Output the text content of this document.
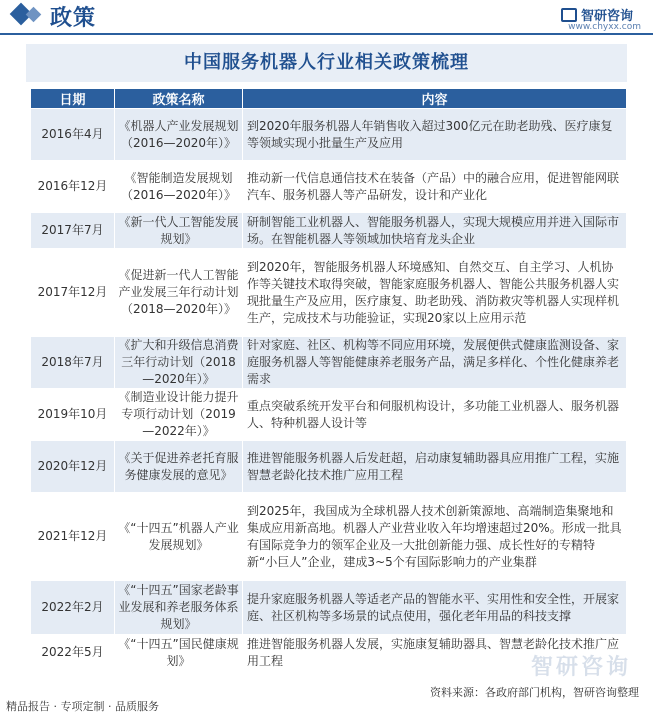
政策	智研咨询
www.chyxx.com
中国服务机器人行业相关政策梳理
日期	政策名称	内容
2016年4月	《机器人产业发展规划（2016—2020年）》	到2020年服务机器人年销售收入超过300亿元在助老助残、医疗康复等领域实现小批量生产及应用
2016年12月	《智能制造发展规划（2016—2020年）》	推动新一代信息通信技术在装备（产品）中的融合应用，促进智能网联汽车、服务机器人等产品研发，设计和产业化
2017年7月	《新一代人工智能发展规划》	研制智能工业机器人、智能服务机器人，实现大规模应用并进入国际市场。在智能机器人等领域加快培育龙头企业
2017年12月	《促进新一代人工智能产业发展三年行动计划（2018—2020年）》	到2020年，智能服务机器人环境感知、自然交互、自主学习、人机协作等关键技术取得突破，智能家庭服务机器人、智能公共服务机器人实现批量生产及应用，医疗康复、助老助残、消防救灾等机器人实现样机生产，完成技术与功能验证，实现20家以上应用示范
2018年7月	《扩大和升级信息消费三年行动计划（2018—2020年）》	针对家庭、社区、机构等不同应用环境，发展便供式健康监测设备、家庭服务机器人等智能健康养老服务产品，满足多样化、个性化健康养老需求
2019年10月	《制造业设计能力提升专项行动计划（2019—2022年）》	重点突破系统开发平台和伺服机构设计，多功能工业机器人、服务机器人、特种机器人设计等
2020年12月	《关于促进养老托育服务健康发展的意见》	推进智能服务机器人后发赶超，启动康复辅助器具应用推广工程，实施智慧老龄化技术推广应用工程
2021年12月	《“十四五”机器人产业发展规划》	到2025年，我国成为全球机器人技术创新策源地、高端制造集聚地和集成应用新高地。机器人产业营业收入年均增速超过20%。形成一批具有国际竞争力的领军企业及一大批创新能力强、成长性好的专精特新“小巨人”企业，建成3~5个有国际影响力的产业集群
2022年2月	《“十四五”国家老龄事业发展和养老服务体系规划》	提升家庭服务机器人等适老产品的智能水平、实用性和安全性，开展家庭、社区机构等多场景的试点使用，强化老年用品的科技支撑
2022年5月	《“十四五”国民健康规划》	推进智能服务机器人发展，实施康复辅助器具、智慧老龄化技术推广应用工程	智研咨询
资料来源：各政府部门机构，智研咨询整理
精品报告 · 专项定制 · 品质服务
